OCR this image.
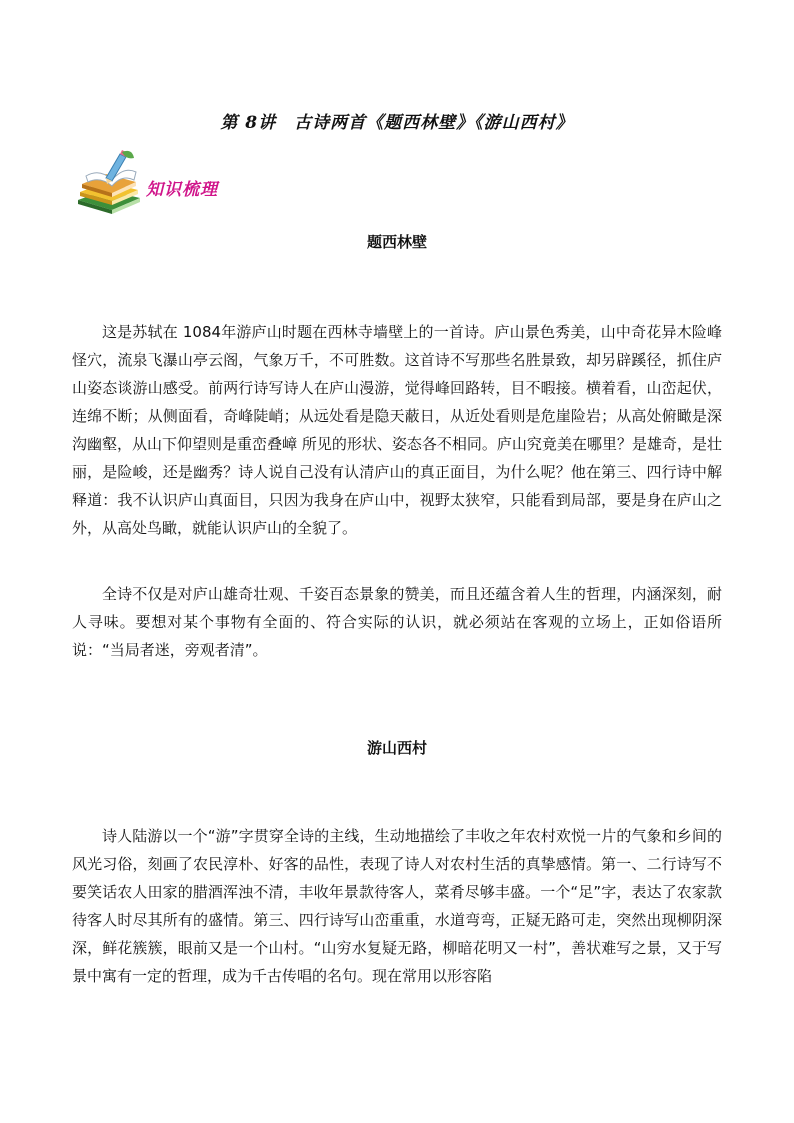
第 8讲　古诗两首《题西林壁》《游山西村》
知识梳理
题西林壁

这是苏轼在 1084年游庐山时题在西林寺墙壁上的一首诗。庐山景色秀美，山中奇花异木险峰怪穴，流泉飞瀑山亭云阁，气象万千，不可胜数。这首诗不写那些名胜景致，却另辟蹊径，抓住庐山姿态谈游山感受。前两行诗写诗人在庐山漫游，觉得峰回路转，目不暇接。横着看，山峦起伏，连绵不断；从侧面看，奇峰陡峭；从远处看是隐天蔽日，从近处看则是危崖险岩；从高处俯瞰是深沟幽壑，从山下仰望则是重峦叠嶂 所见的形状、姿态各不相同。庐山究竟美在哪里？是雄奇，是壮丽，是险峻，还是幽秀？诗人说自己没有认清庐山的真正面目，为什么呢？他在第三、四行诗中解释道：我不认识庐山真面目，只因为我身在庐山中，视野太狭窄，只能看到局部，要是身在庐山之外，从高处鸟瞰，就能认识庐山的全貌了。

全诗不仅是对庐山雄奇壮观、千姿百态景象的赞美，而且还蕴含着人生的哲理，内涵深刻，耐人寻味。要想对某个事物有全面的、符合实际的认识，就必须站在客观的立场上，正如俗语所说：“当局者迷，旁观者清”。

游山西村

诗人陆游以一个“游”字贯穿全诗的主线，生动地描绘了丰收之年农村欢悦一片的气象和乡间的风光习俗，刻画了农民淳朴、好客的品性，表现了诗人对农村生活的真挚感情。第一、二行诗写不要笑话农人田家的腊酒浑浊不清，丰收年景款待客人，菜肴尽够丰盛。一个“足”字，表达了农家款待客人时尽其所有的盛情。第三、四行诗写山峦重重，水道弯弯，正疑无路可走，突然出现柳阴深深，鲜花簇簇，眼前又是一个山村。“山穷水复疑无路，柳暗花明又一村”，善状难写之景，又于写景中寓有一定的哲理，成为千古传唱的名句。现在常用以形容陷
